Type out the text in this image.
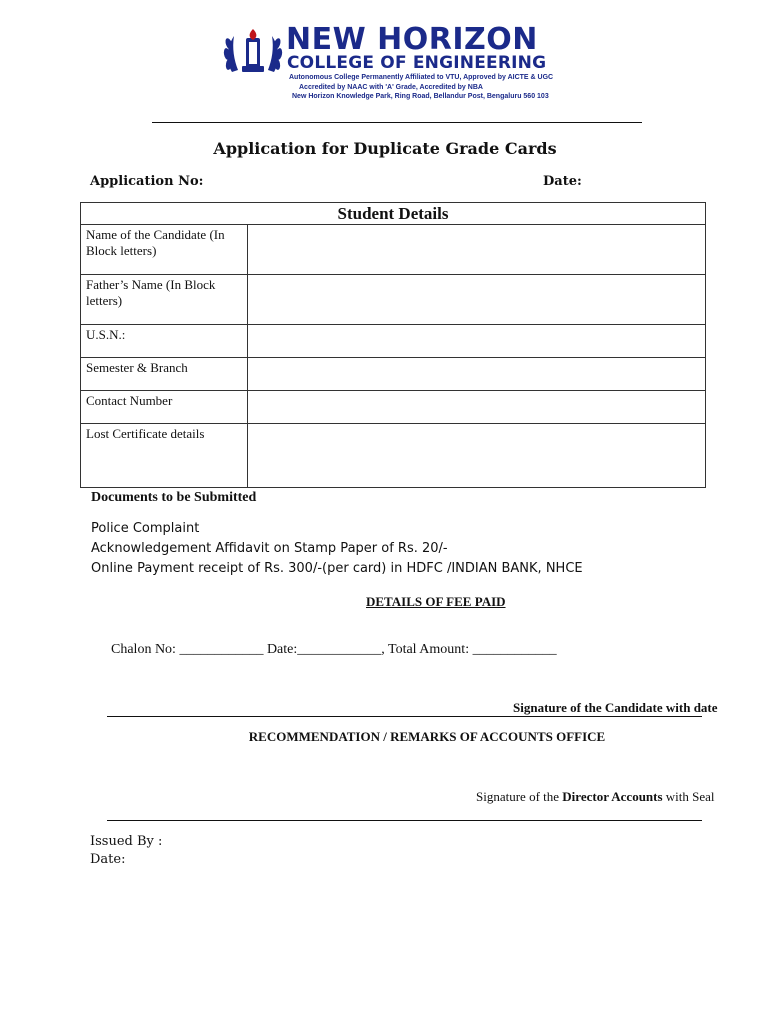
NEW HORIZON
COLLEGE OF ENGINEERING
Autonomous College Permanently Affiliated to VTU, Approved by AICTE & UGC
Accredited by NAAC with 'A' Grade, Accredited by NBA
New Horizon Knowledge Park, Ring Road, Bellandur Post, Bengaluru 560 103
Application for Duplicate Grade Cards
Application No:	Date:
Student Details	
Name of the Candidate (In Block letters)	
Father’s Name (In Block letters)	
U.S.N.:	
Semester & Branch	
Contact Number	
Lost Certificate details	
Documents to be Submitted
Police Complaint
Acknowledgement Affidavit on Stamp Paper of Rs. 20/-
Online Payment receipt of Rs. 300/-(per card) in HDFC /INDIAN BANK, NHCE
DETAILS OF FEE PAID
Chalon No: ____________ Date:____________, Total Amount: ____________
Signature of the Candidate with date
RECOMMENDATION / REMARKS OF ACCOUNTS OFFICE
Signature of the Director Accounts with Seal
Issued By :
Date:
